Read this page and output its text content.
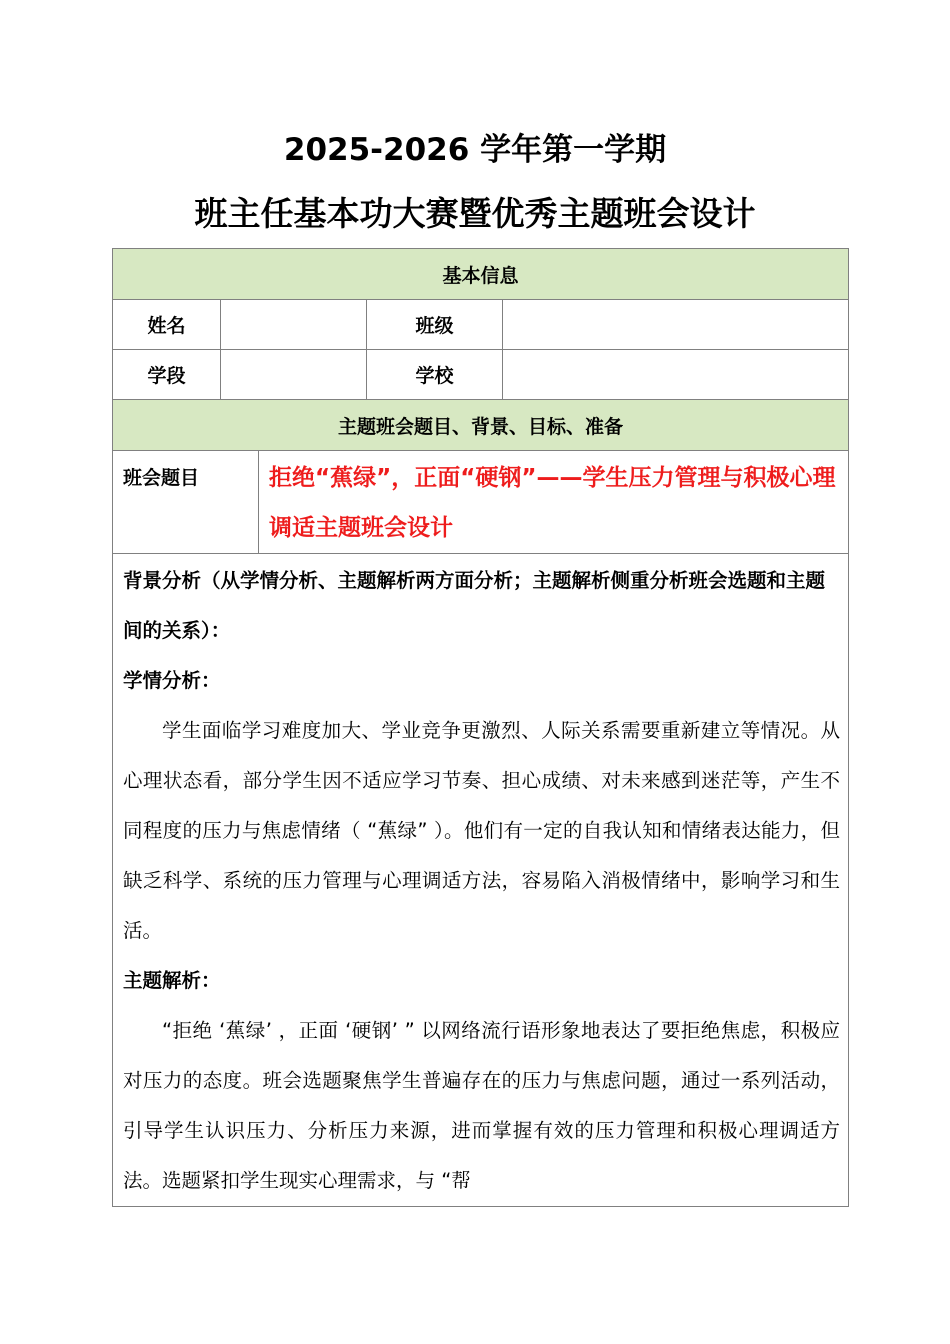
2025-2026 学年第一学期
班主任基本功大赛暨优秀主题班会设计
基本信息				
姓名			班级	
学段			学校	
主题班会题目、背景、目标、准备				
班会题目		拒绝“蕉绿”，正面“硬钢”——学生压力管理与积极心理调适主题班会设计		

背景分析（从学情分析、主题解析两方面分析；主题解析侧重分析班会选题和主题间的关系）：

学情分析：

学生面临学习难度加大、学业竞争更激烈、人际关系需要重新建立等情况。从心理状态看，部分学生因不适应学习节奏、担心成绩、对未来感到迷茫等，产生不同程度的压力与焦虑情绪（ “蕉绿” ）。他们有一定的自我认知和情绪表达能力，但缺乏科学、系统的压力管理与心理调适方法，容易陷入消极情绪中，影响学习和生活。

主题解析：

“拒绝 ‘蕉绿’ ，正面 ‘硬钢’ ” 以网络流行语形象地表达了要拒绝焦虑，积极应对压力的态度。班会选题聚焦学生普遍存在的压力与焦虑问题，通过一系列活动，引导学生认识压力、分析压力来源，进而掌握有效的压力管理和积极心理调适方法。选题紧扣学生现实心理需求，与 “帮				
